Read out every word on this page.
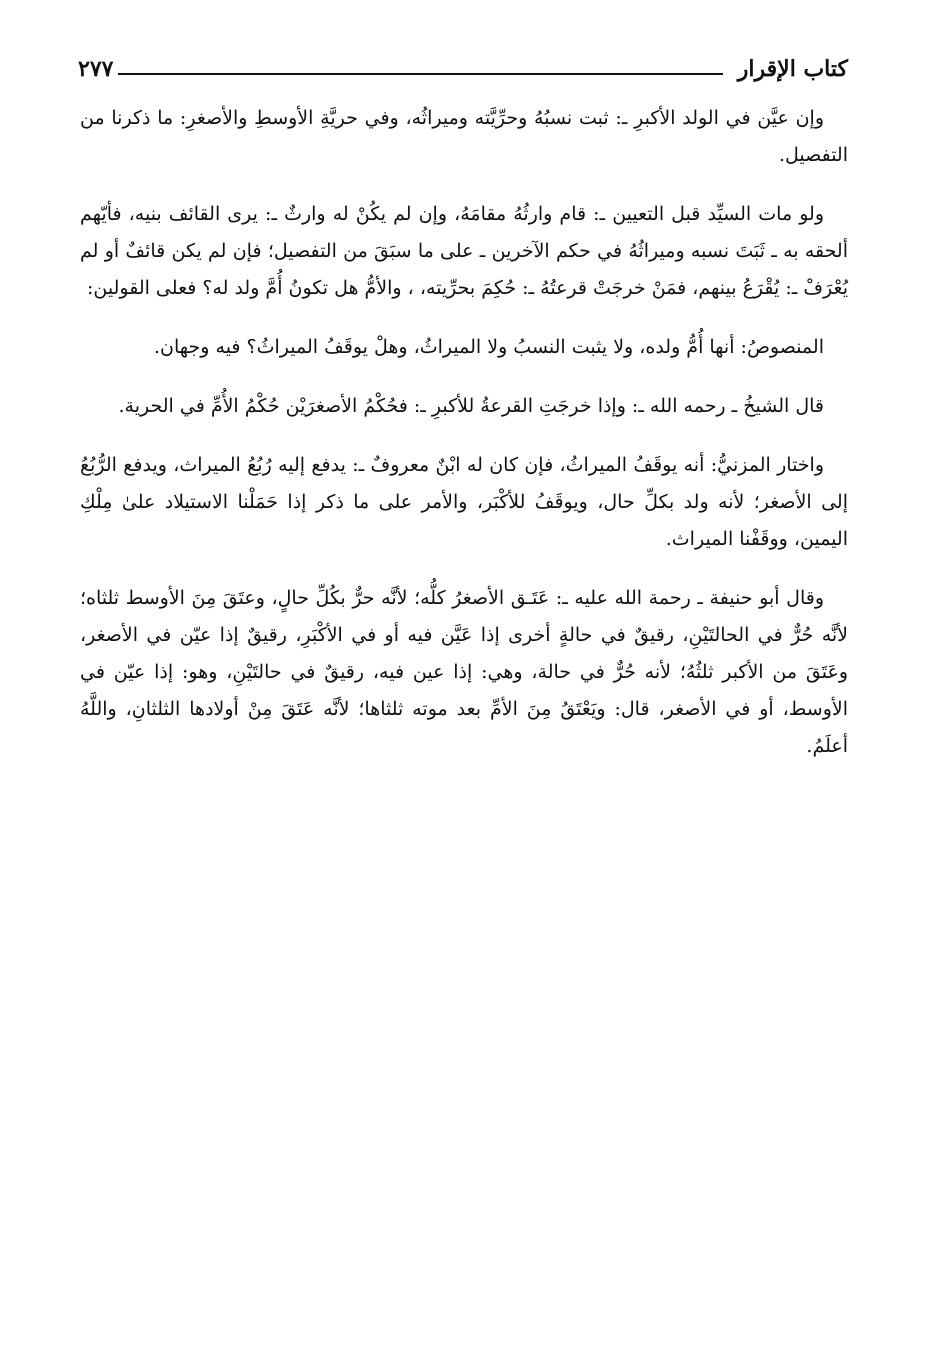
كتاب الإقرار
٢٧٧

وإن عيَّن في الولد الأكبرِ ـ: ثبت نسبُهُ وحرِّيَّته وميراثُه، وفي حريَّةِ الأوسطِ والأصغرِ: ما ذكرنا من التفصيل.

ولو مات السيِّد قبل التعيين ـ: قام وارثُهُ مقامَهُ، وإن لم يكُنْ له وارثٌ ـ: يرى القائف بنيه، فأيّهم ألحقه به ـ ثَبَتَ نسبه وميراثُهُ في حكم الآخرين ـ على ما سبَقَ من التفصيل؛ فإن لم يكن قائفٌ أو لم يُعْرَفْ ـ: يُقْرَعُ بينهم، فمَنْ خرجَتْ قرعتُهُ ـ: حُكِمَ بحرِّيته، ، والأمُّ هل تكونُ أُمَّ ولد له؟ فعلى القولين:

المنصوصُ: أنها أُمُّ ولده، ولا يثبت النسبُ ولا الميراثُ، وهلْ يوقَفُ الميراثُ؟ فيه وجهان.

قال الشيخُ ـ رحمه الله ـ: وإذا خرجَتِ القرعةُ للأكبرِ ـ: فحُكْمُ الأصغرَيْن حُكْمُ الأُمِّ في الحرية.

واختار المزنيُّ: أنه يوقَفُ الميراثُ، فإن كان له ابْنٌ معروفٌ ـ: يدفع إليه رُبُعُ الميراث، ويدفع الرُّبُعُ إلى الأصغر؛ لأنه ولد بكلِّ حال، ويوقَفُ للأكْبَر، والأمر على ما ذكر إذا حَمَلْنا الاستيلاد علىٰ مِلْكِ اليمين، ووقَفْنا الميراث.

وقال أبو حنيفة ـ رحمة الله عليه ـ: عَتَـق الأصغرُ كلُّه؛ لأنَّه حرٌّ بكُلِّ حالٍ، وعتَقَ مِنَ الأوسط ثلثاه؛ لأنَّه حُرٌّ في الحالتَيْنِ، رقيقٌ في حالةٍ أخرى إذا عَيَّن فيه أو في الأكْبَرِ، رقيقٌ إذا عيّن في الأصغر، وعَتَقَ من الأكبر ثلثُهُ؛ لأنه حُرٌّ في حالة، وهي: إذا عين فيه، رقيقٌ في حالتَيْنِ، وهو: إذا عيّن في الأوسط، أو في الأصغر، قال: ويَعْتَقُ مِنَ الأمِّ بعد موته ثلثاها؛ لأنَّه عَتَقَ مِنْ أولادها الثلثانِ، واللَّهُ أعلَمُ.
